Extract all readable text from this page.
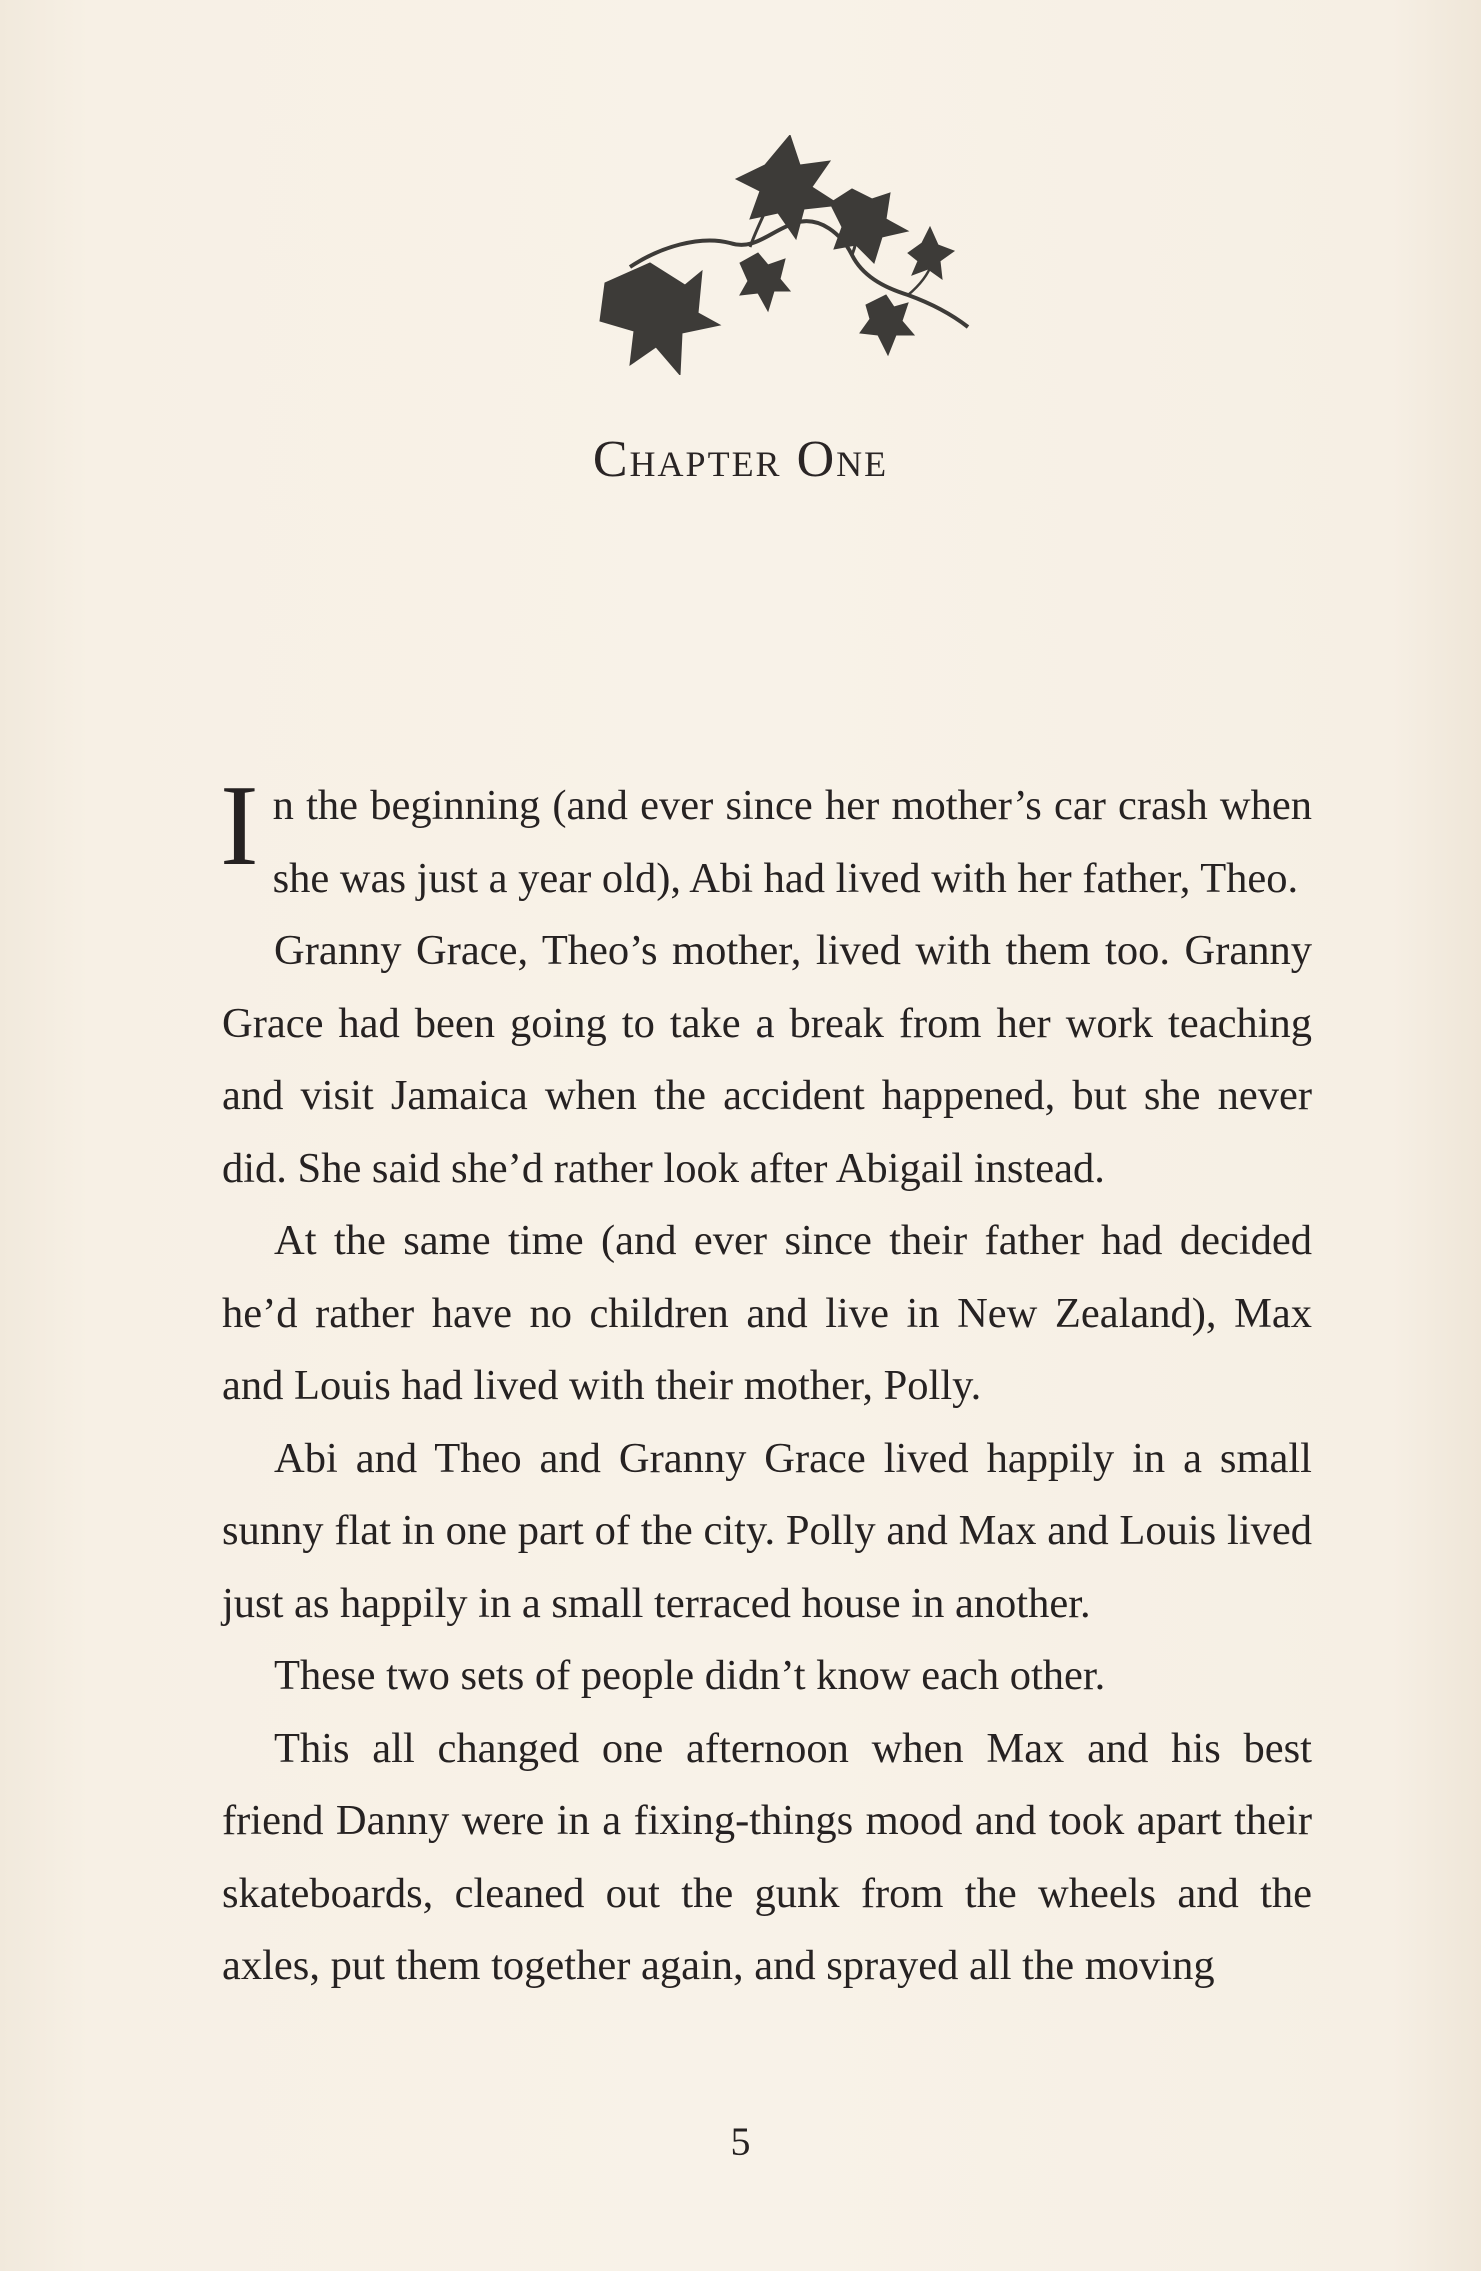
Chapter One

In the beginning (and ever since her mother’s car crash when she was just a year old), Abi had lived with her father, Theo.

Granny Grace, Theo’s mother, lived with them too. Granny Grace had been going to take a break from her work teaching and visit Jamaica when the accident happened, but she never did. She said she’d rather look after Abigail instead.

At the same time (and ever since their father had decided he’d rather have no children and live in New Zealand), Max and Louis had lived with their mother, Polly.

Abi and Theo and Granny Grace lived happily in a small sunny flat in one part of the city. Polly and Max and Louis lived just as happily in a small terraced house in another.

These two sets of people didn’t know each other.

This all changed one afternoon when Max and his best friend Danny were in a fixing-things mood and took apart their skateboards, cleaned out the gunk from the wheels and the axles, put them together again, and sprayed all the moving

5
